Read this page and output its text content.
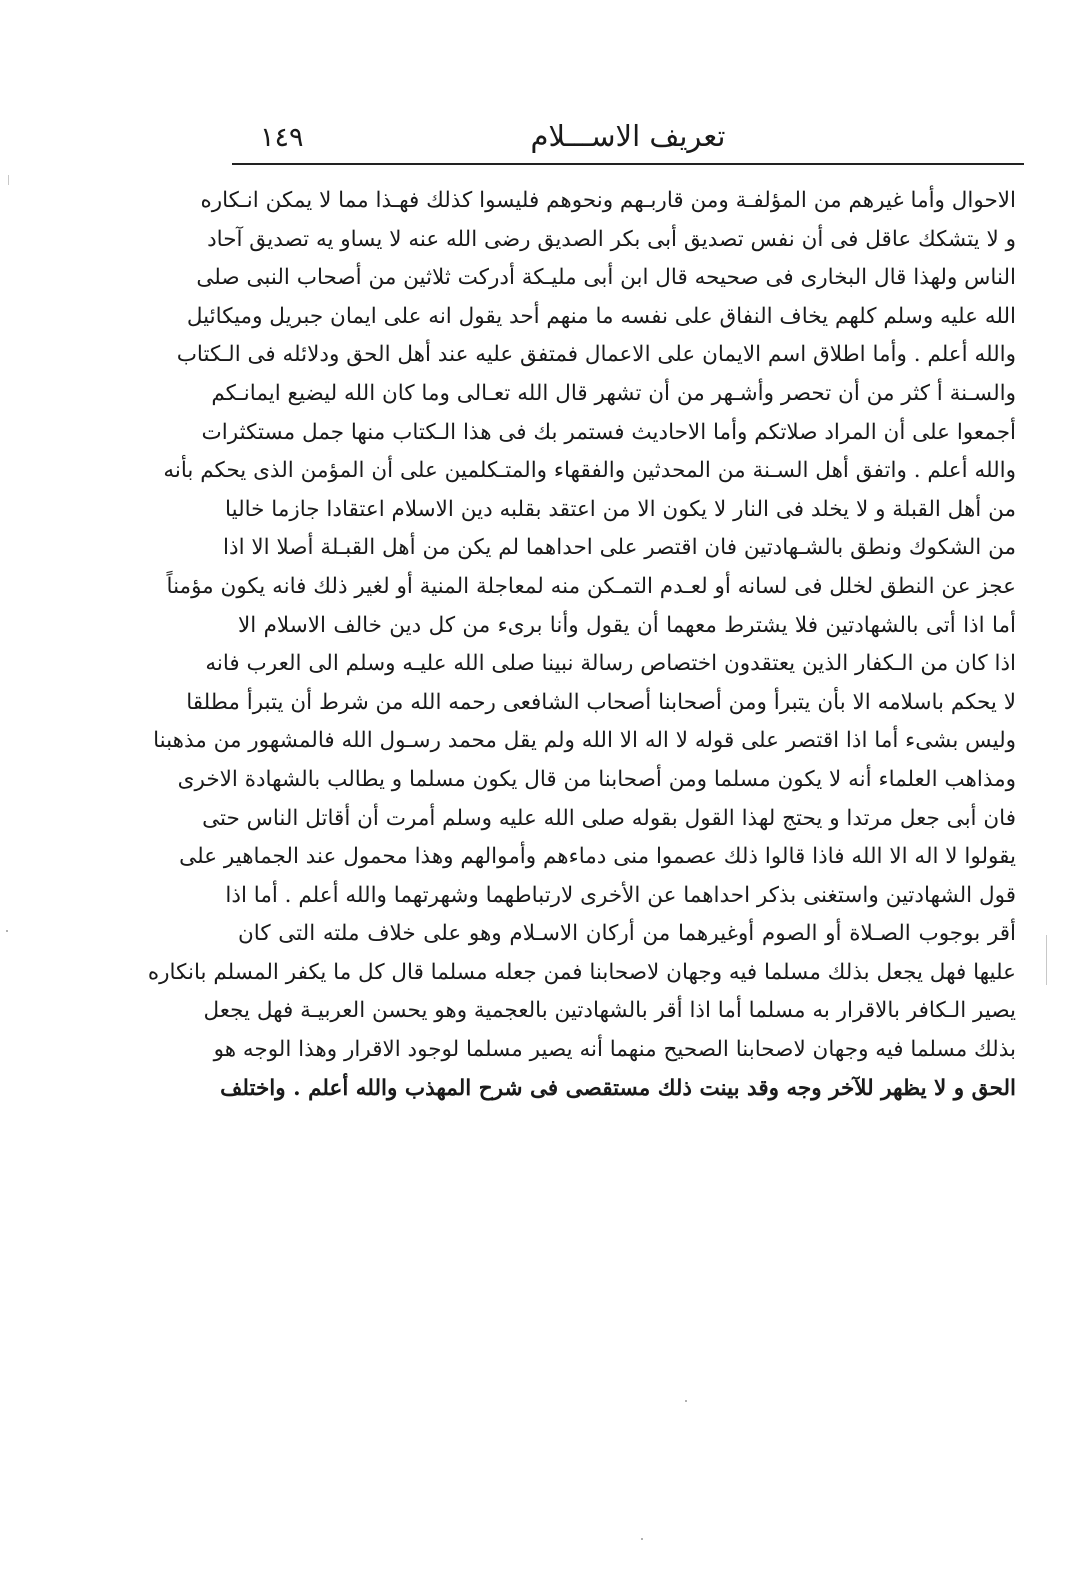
تعريف الاســـلام
١٤٩
الاحوال وأما غيرهم من المؤلفـة ومن قاربـهم ونحوهم فليسوا كذلك فهـذا مما لا يمكن انـكاره
و لا يتشكك عاقل فى أن نفس تصديق أبى بكر الصديق رضى الله عنه لا يساو يه تصديق آحاد
الناس ولهذا قال البخارى فى صحيحه قال ابن أبى مليـكة أدركت ثلاثين من أصحاب النبى صلى
الله عليه وسلم كلهم يخاف النفاق على نفسه ما منهم أحد يقول انه على ايمان جبريل وميكائيل
والله أعلم . وأما اطلاق اسم الايمان على الاعمال فمتفق عليه عند أهل الحق ودلائله فى الـكتاب
والسـنة أ كثر من أن تحصر وأشـهر من أن تشهر قال الله تعـالى وما كان الله ليضيع ايمانـكم
أجمعوا على أن المراد صلاتكم وأما الاحاديث فستمر بك فى هذا الـكتاب منها جمل مستكثرات
والله أعلم . واتفق أهل السـنة من المحدثين والفقهاء والمتـكلمين على أن المؤمن الذى يحكم بأنه
من أهل القبلة و لا يخلد فى النار لا يكون الا من اعتقد بقلبه دين الاسلام اعتقادا جازما خاليا
من الشكوك ونطق بالشـهادتين فان اقتصر على احداهما لم يكن من أهل القبـلة أصلا الا اذا
عجز عن النطق لخلل فى لسانه أو لعـدم التمـكن منه لمعاجلة المنية أو لغير ذلك فانه يكون مؤمناً
أما اذا أتى بالشهادتين فلا يشترط معهما أن يقول وأنا برىء من كل دين خالف الاسلام الا
اذا كان من الـكفار الذين يعتقدون اختصاص رسالة نبينا صلى الله عليـه وسلم الى العرب فانه
لا يحكم باسلامه الا بأن يتبرأ ومن أصحابنا أصحاب الشافعى رحمه الله من شرط أن يتبرأ مطلقا
وليس بشىء أما اذا اقتصر على قوله لا اله الا الله ولم يقل محمد رسـول الله فالمشهور من مذهبنا
ومذاهب العلماء أنه لا يكون مسلما ومن أصحابنا من قال يكون مسلما و يطالب بالشهادة الاخرى
فان أبى جعل مرتدا و يحتج لهذا القول بقوله صلى الله عليه وسلم أمرت أن أقاتل الناس حتى
يقولوا لا اله الا الله فاذا قالوا ذلك عصموا منى دماءهم وأموالهم وهذا محمول عند الجماهير على
قول الشهادتين واستغنى بذكر احداهما عن الأخرى لارتباطهما وشهرتهما والله أعلم . أما اذا
أقر بوجوب الصـلاة أو الصوم أوغيرهما من أركان الاسـلام وهو على خلاف ملته التى كان
عليها فهل يجعل بذلك مسلما فيه وجهان لاصحابنا فمن جعله مسلما قال كل ما يكفر المسلم بانكاره
يصير الـكافر بالاقرار به مسلما أما اذا أقر بالشهادتين بالعجمية وهو يحسن العربيـة فهل يجعل
بذلك مسلما فيه وجهان لاصحابنا الصحيح منهما أنه يصير مسلما لوجود الاقرار وهذا الوجه هو
الحق و لا يظهر للآخر وجه وقد بينت ذلك مستقصى فى شرح المهذب والله أعلم . واختلف
